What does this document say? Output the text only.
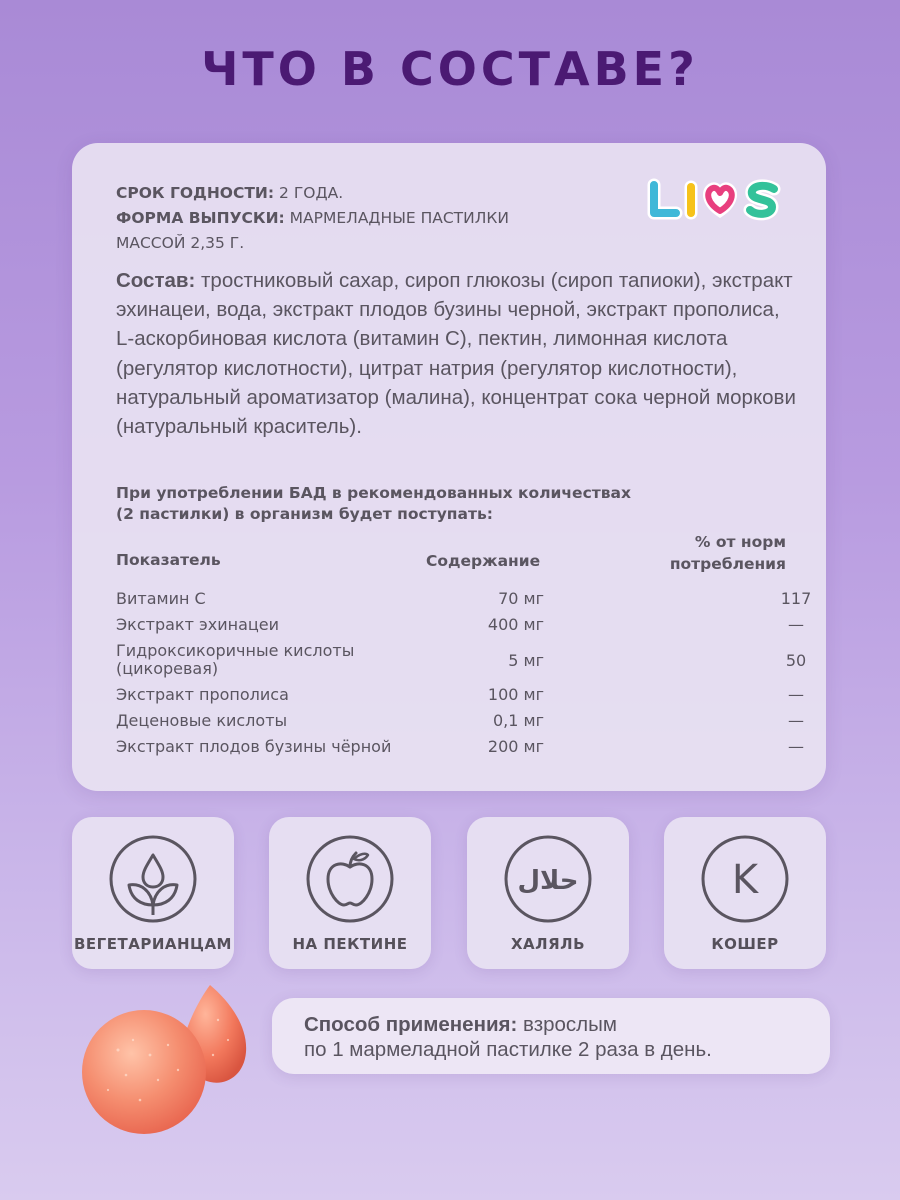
ЧТО В СОСТАВЕ?
СРОК ГОДНОСТИ: 2 ГОДА.
ФОРМА ВЫПУСКИ: МАРМЕЛАДНЫЕ ПАСТИЛКИ
МАССОЙ 2,35 Г.
Состав: тростниковый сахар, сироп глюкозы (сироп тапиоки), экстракт эхинацеи, вода, экстракт плодов бузины черной, экстракт прополиса, L-аскорбиновая кислота (витамин С), пектин, лимонная кислота (регулятор кислотности), цитрат натрия (регулятор кислотности), натуральный ароматизатор (малина), концентрат сока черной моркови (натуральный краситель).
При употреблении БАД в рекомендованных количествах
(2 пастилки) в организм будет поступать:
Показатель	Содержание
% от норм
потребления
Витамин С	70 мг	117
Экстракт эхинацеи	400 мг	—
Гидроксикоричные кислоты
(цикоревая)	5 мг	50
Экстракт прополиса	100 мг	—
Деценовые кислоты	0,1 мг	—
Экстракт плодов бузины чёрной	200 мг	—
ВЕГЕТАРИАНЦАМ	НА ПЕКТИНЕ
حلال
ХАЛЯЛЬ
K
КОШЕР
Способ применения: взрослым
по 1 мармеладной пастилке 2 раза в день.
